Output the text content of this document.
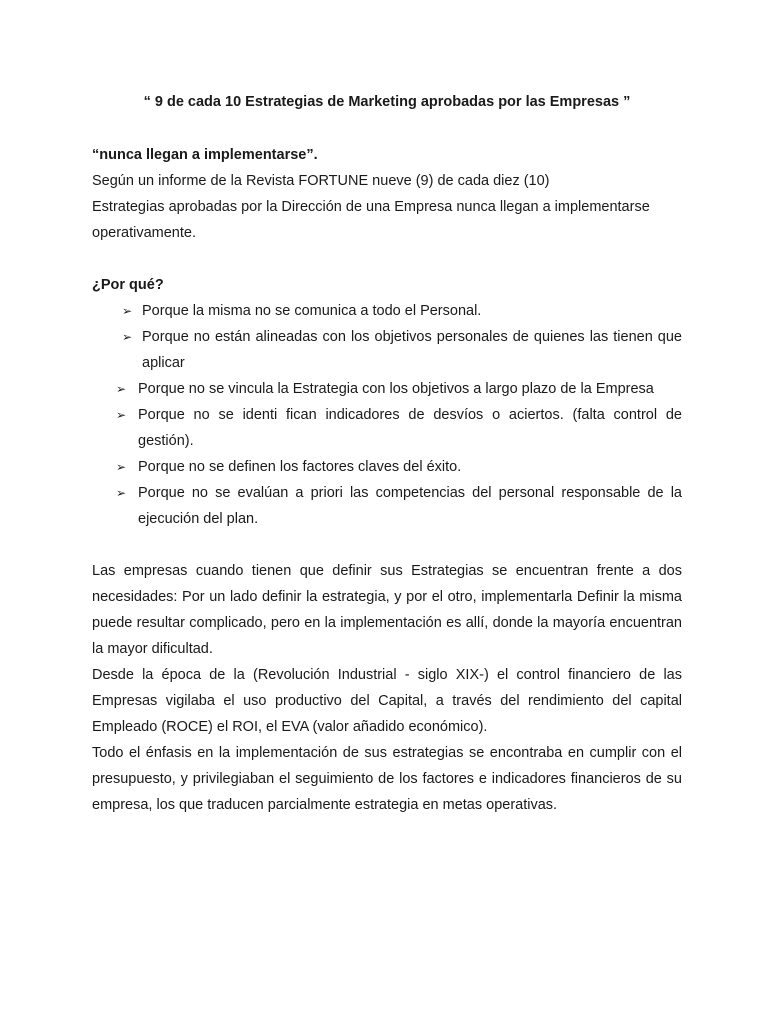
“ 9 de cada 10 Estrategias de Marketing aprobadas por las Empresas ”

“nunca llegan a implementarse”.

Según un informe de la Revista FORTUNE nueve (9) de cada diez (10)

Estrategias aprobadas por la Dirección de una Empresa nunca llegan a implementarse operativamente.

¿Por qué?

➢ Porque la misma no se comunica a todo el Personal.
➢ Porque no están alineadas con los objetivos personales de quienes las tienen que aplicar
➢ Porque no se vincula la Estrategia con los objetivos a largo plazo de la Empresa
➢ Porque no se identi fican indicadores de desvíos o aciertos. (falta control de gestión).
➢ Porque no se definen los factores claves del éxito.
➢ Porque no se evalúan a priori las competencias del personal responsable de la ejecución del plan.

Las empresas cuando tienen que definir sus Estrategias se encuentran frente a dos necesidades: Por un lado definir la estrategia, y por el otro, implementarla Definir la misma puede resultar complicado, pero en la implementación es allí, donde la mayoría encuentran la mayor dificultad.

Desde la época de la (Revolución Industrial - siglo XIX-) el control financiero de las Empresas vigilaba el uso productivo del Capital, a través del rendimiento del capital Empleado (ROCE) el ROI, el EVA (valor añadido económico).

Todo el énfasis en la implementación de sus estrategias se encontraba en cumplir con el presupuesto, y privilegiaban el seguimiento de los factores e indicadores financieros de su empresa, los que traducen parcialmente estrategia en metas operativas.
